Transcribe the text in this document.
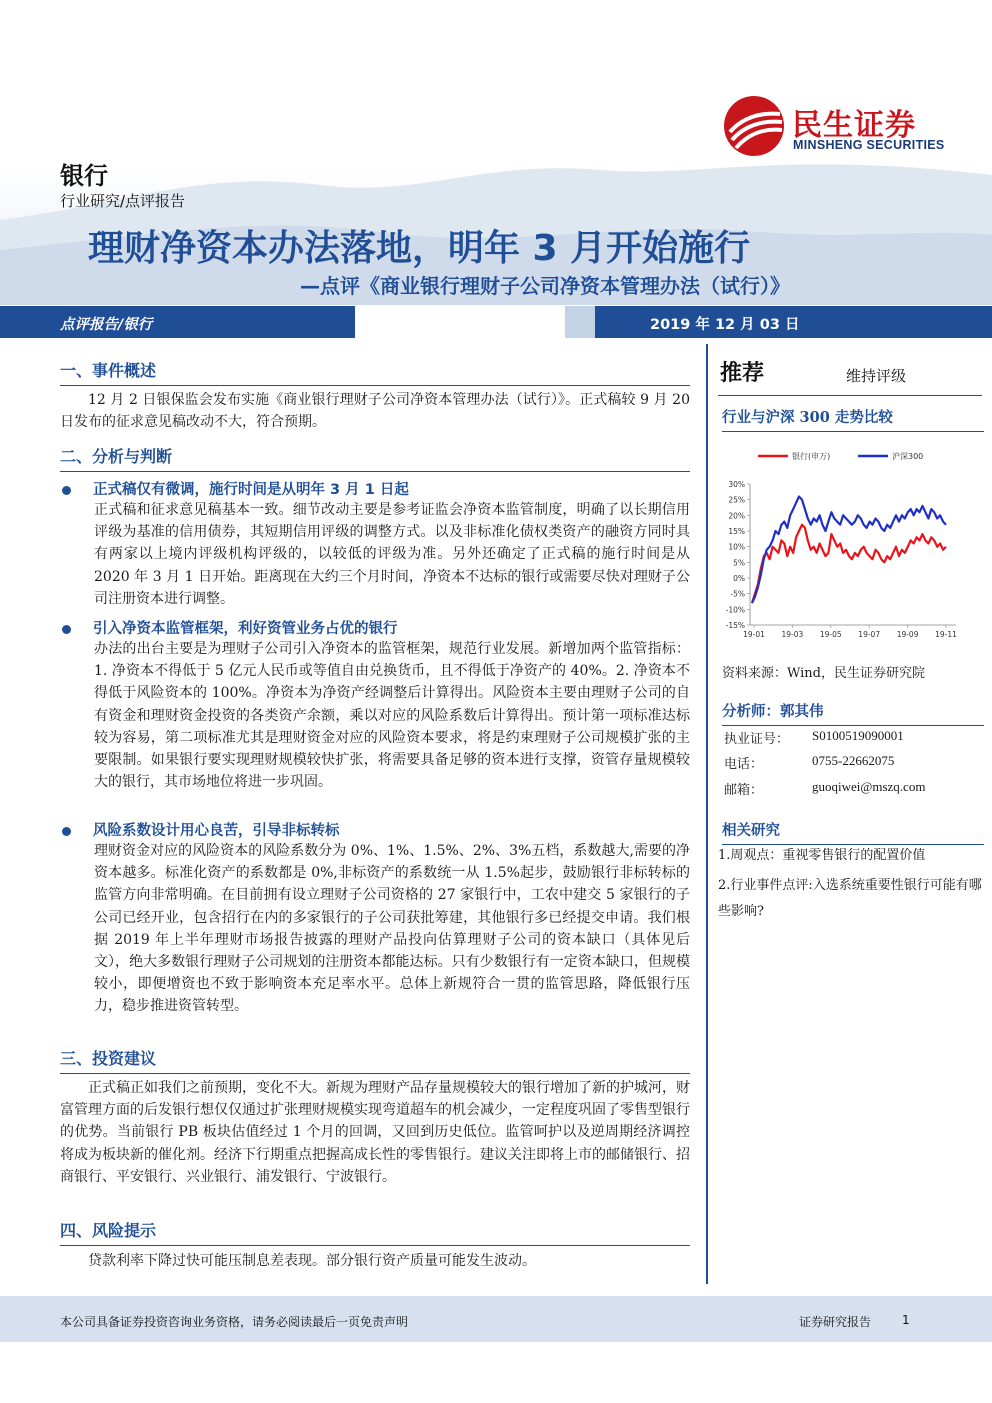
民生证券
MINSHENG SECURITIES
银行
行业研究/点评报告
理财净资本办法落地，明年 3 月开始施行
—点评《商业银行理财子公司净资本管理办法（试行）》
点评报告/银行	2019 年 12 月 03 日
一、事件概述
12 月 2 日银保监会发布实施《商业银行理财子公司净资本管理办法（试行）》。正式稿较 9 月 20 日发布的征求意见稿改动不大，符合预期。
二、分析与判断
正式稿仅有微调，施行时间是从明年 3 月 1 日起
正式稿和征求意见稿基本一致。细节改动主要是参考证监会净资本监管制度，明确了以长期信用评级为基准的信用债券，其短期信用评级的调整方式。以及非标准化债权类资产的融资方同时具有两家以上境内评级机构评级的，以较低的评级为准。另外还确定了正式稿的施行时间是从 2020 年 3 月 1 日开始。距离现在大约三个月时间，净资本不达标的银行或需要尽快对理财子公司注册资本进行调整。
引入净资本监管框架，利好资管业务占优的银行
办法的出台主要是为理财子公司引入净资本的监管框架，规范行业发展。新增加两个监管指标：1. 净资本不得低于 5 亿元人民币或等值自由兑换货币，且不得低于净资产的 40%。2. 净资本不得低于风险资本的 100%。净资本为净资产经调整后计算得出。风险资本主要由理财子公司的自有资金和理财资金投资的各类资产余额，乘以对应的风险系数后计算得出。预计第一项标准达标较为容易，第二项标准尤其是理财资金对应的风险资本要求，将是约束理财子公司规模扩张的主要限制。如果银行要实现理财规模较快扩张，将需要具备足够的资本进行支撑，资管存量规模较大的银行，其市场地位将进一步巩固。
风险系数设计用心良苦，引导非标转标
理财资金对应的风险资本的风险系数分为 0%、1%、1.5%、2%、3%五档，系数越大,需要的净资本越多。标准化资产的系数都是 0%,非标资产的系数统一从 1.5%起步，鼓励银行非标转标的监管方向非常明确。在目前拥有设立理财子公司资格的 27 家银行中，工农中建交 5 家银行的子公司已经开业，包含招行在内的多家银行的子公司获批筹建，其他银行多已经提交申请。我们根据 2019 年上半年理财市场报告披露的理财产品投向估算理财子公司的资本缺口（具体见后文），绝大多数银行理财子公司规划的注册资本都能达标。只有少数银行有一定资本缺口，但规模较小，即便增资也不致于影响资本充足率水平。总体上新规符合一贯的监管思路，降低银行压力，稳步推进资管转型。
三、投资建议
正式稿正如我们之前预期，变化不大。新规为理财产品存量规模较大的银行增加了新的护城河，财富管理方面的后发银行想仅仅通过扩张理财规模实现弯道超车的机会减少，一定程度巩固了零售型银行的优势。当前银行 PB 板块估值经过 1 个月的回调，又回到历史低位。监管呵护以及逆周期经济调控将成为板块新的催化剂。经济下行期重点把握高成长性的零售银行。建议关注即将上市的邮储银行、招商银行、平安银行、兴业银行、浦发银行、宁波银行。
四、风险提示
贷款利率下降过快可能压制息差表现。部分银行资产质量可能发生波动。
推荐	维持评级
行业与沪深 300 走势比较
30%
25%
20%
15%
10%
5%
0%
-5%
-10%
-15%
19-01 19-03 19-05 19-07 19-09 19-11
银行(申万)	沪深300
资料来源：Wind，民生证券研究院
分析师：郭其伟
执业证号： S0100519090001
电话：	0755-22662075
邮箱：	guoqiwei@mszq.com
相关研究
1.周观点：重视零售银行的配置价值
2.行业事件点评:入选系统重要性银行可能有哪些影响?
本公司具备证券投资咨询业务资格，请务必阅读最后一页免责声明	证券研究报告	1
